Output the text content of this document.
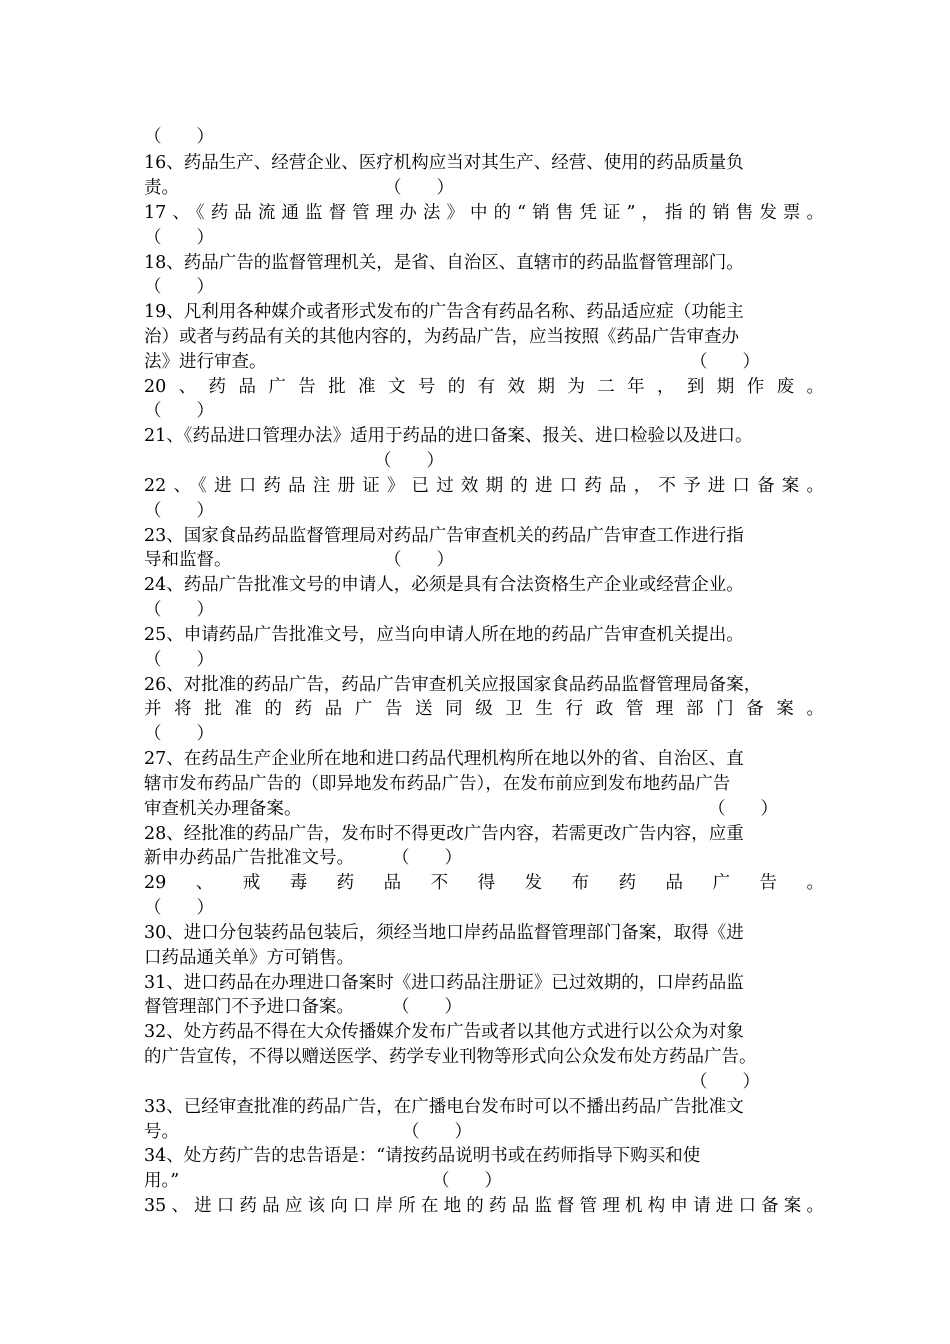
（　　）
16、药品生产、经营企业、医疗机构应当对其生产、经营、使用的药品质量负
责。	（　　）
17、《药品流通监督管理办法》中的“销售凭证”，指的销售发票。
（　　）
18、药品广告的监督管理机关，是省、自治区、直辖市的药品监督管理部门。
（　　）
19、凡利用各种媒介或者形式发布的广告含有药品名称、药品适应症（功能主
治）或者与药品有关的其他内容的，为药品广告，应当按照《药品广告审查办
法》进行审查。	（　　）
20、药品广告批准文号的有效期为二年，到期作废。
（　　）
21、《药品进口管理办法》适用于药品的进口备案、报关、进口检验以及进口。
（　　）
22、《进口药品注册证》已过效期的进口药品，不予进口备案。
（　　）
23、国家食品药品监督管理局对药品广告审查机关的药品广告审查工作进行指
导和监督。	（　　）
24、药品广告批准文号的申请人，必须是具有合法资格生产企业或经营企业。
（　　）
25、申请药品广告批准文号，应当向申请人所在地的药品广告审查机关提出。
（　　）
26、对批准的药品广告，药品广告审查机关应报国家食品药品监督管理局备案，
并将批准的药品广告送同级卫生行政管理部门备案。
（　　）
27、在药品生产企业所在地和进口药品代理机构所在地以外的省、自治区、直
辖市发布药品广告的（即异地发布药品广告），在发布前应到发布地药品广告
审查机关办理备案。	（　　）
28、经批准的药品广告，发布时不得更改广告内容，若需更改广告内容，应重
新申办药品广告批准文号。	（　　）
29、戒毒药品不得发布药品广告。
（　　）
30、进口分包装药品包装后，须经当地口岸药品监督管理部门备案，取得《进
口药品通关单》方可销售。
31、进口药品在办理进口备案时《进口药品注册证》已过效期的，口岸药品监
督管理部门不予进口备案。	（　　）
32、处方药品不得在大众传播媒介发布广告或者以其他方式进行以公众为对象
的广告宣传，不得以赠送医学、药学专业刊物等形式向公众发布处方药品广告。
（　　）
33、已经审查批准的药品广告，在广播电台发布时可以不播出药品广告批准文
号。	（　　）
34、处方药广告的忠告语是：“请按药品说明书或在药师指导下购买和使
用。”	（　　）
35、进口药品应该向口岸所在地的药品监督管理机构申请进口备案。
